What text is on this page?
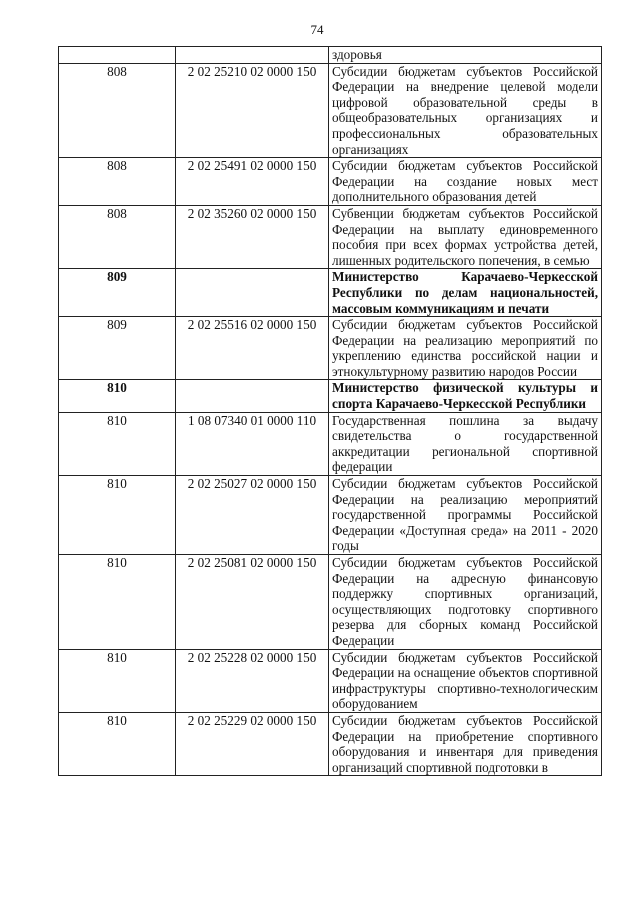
74
		здоровья
808	2 02 25210 02 0000 150	Субсидии бюджетам субъектов Российской Федерации на внедрение целевой модели цифровой образовательной среды в общеобразовательных организациях и профессиональных образовательных организациях
808	2 02 25491 02 0000 150	Субсидии бюджетам субъектов Российской Федерации на создание новых мест дополнительного образования детей
808	2 02 35260 02 0000 150	Субвенции бюджетам субъектов Российской Федерации на выплату единовременного пособия при всех формах устройства детей, лишенных родительского попечения, в семью
809		Министерство Карачаево-Черкесской Республики по делам национальностей, массовым коммуникациям и печати
809	2 02 25516 02 0000 150	Субсидии бюджетам субъектов Российской Федерации на реализацию мероприятий по укреплению единства российской нации и этнокультурному развитию народов России
810		Министерство физической культуры и спорта Карачаево-Черкесской Республики
810	1 08 07340 01 0000 110	Государственная пошлина за выдачу свидетельства о государственной аккредитации региональной спортивной федерации
810	2 02 25027 02 0000 150	Субсидии бюджетам субъектов Российской Федерации на реализацию мероприятий государственной программы Российской Федерации «Доступная среда» на 2011 - 2020 годы
810	2 02 25081 02 0000 150	Субсидии бюджетам субъектов Российской Федерации на адресную финансовую поддержку спортивных организаций, осуществляющих подготовку спортивного резерва для сборных команд Российской Федерации
810	2 02 25228 02 0000 150	Субсидии бюджетам субъектов Российской Федерации на оснащение объектов спортивной инфраструктуры спортивно-технологическим оборудованием
810	2 02 25229 02 0000 150	Субсидии бюджетам субъектов Российской Федерации на приобретение спортивного оборудования и инвентаря для приведения организаций спортивной подготовки в
